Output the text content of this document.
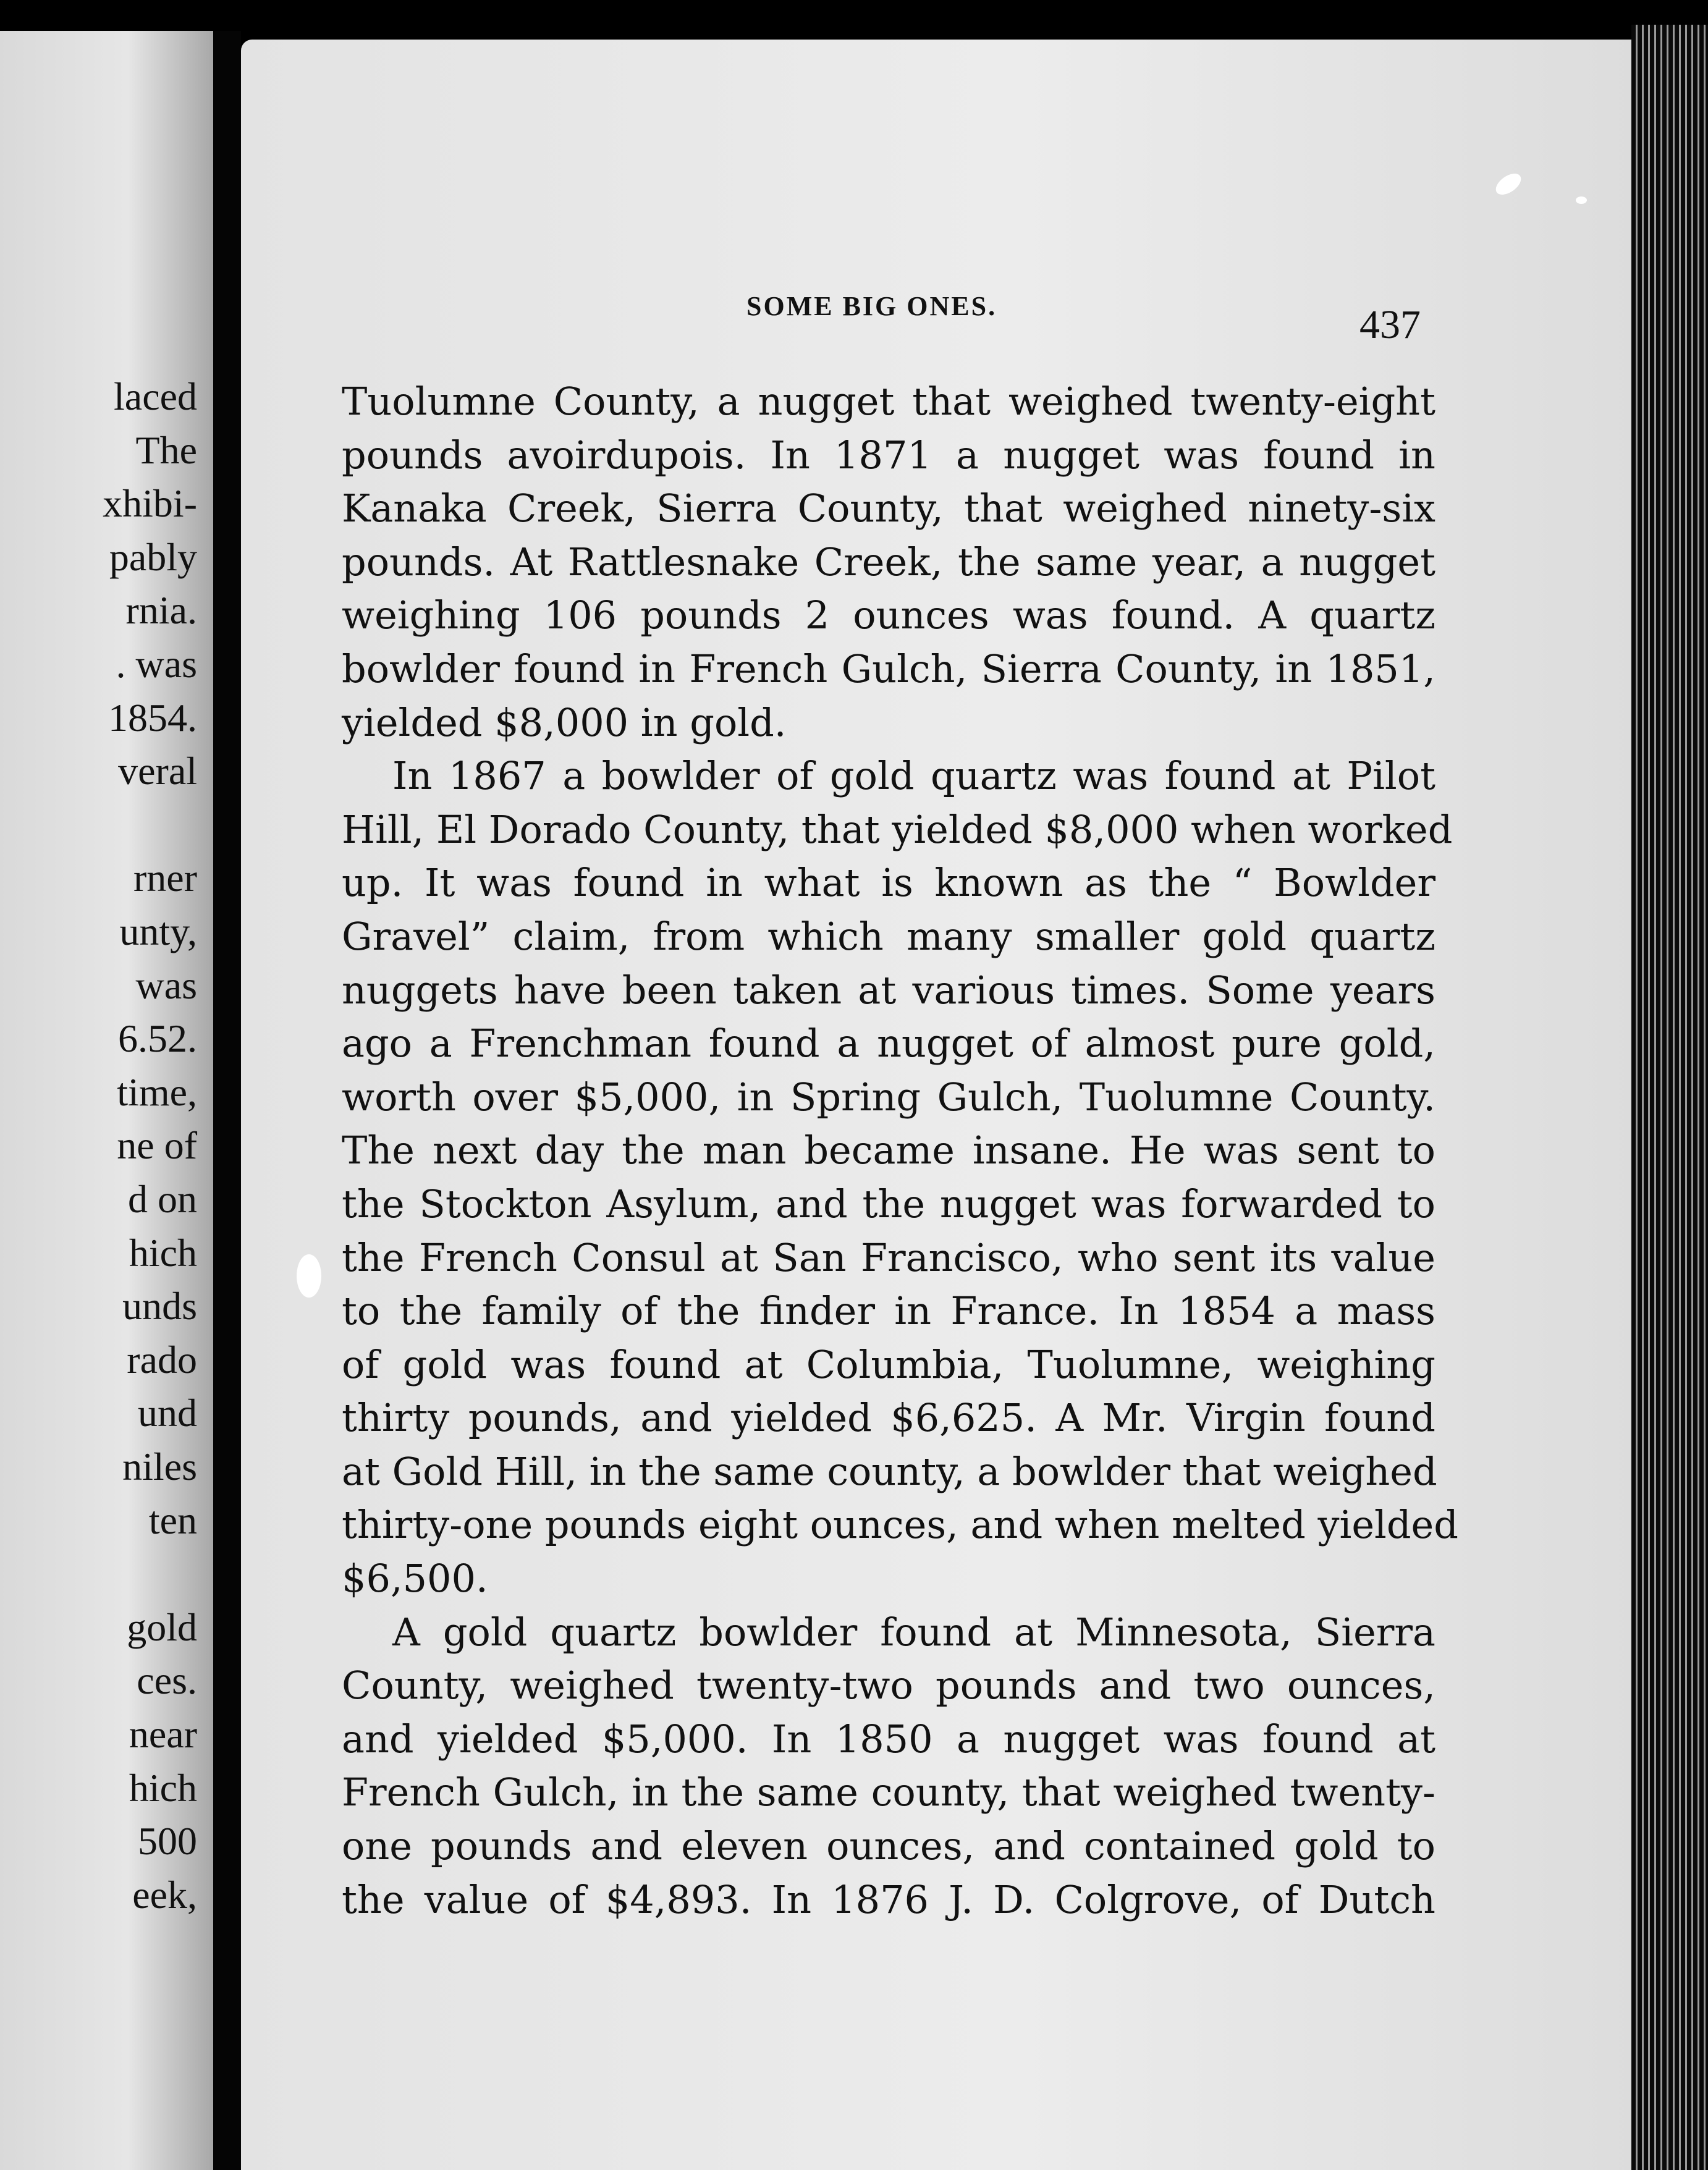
laced
The
xhibi-
pably
rnia.
. was
1854.
veral
rner
unty,
was
6.52.
time,
ne of
d on
hich
unds
rado
und
niles
ten
gold
ces.
near
hich
500
eek,
SOME BIG ONES.	437
Tuolumne County, a nugget that weighed twenty-eight
pounds avoirdupois. In 1871 a nugget was found in
Kanaka Creek, Sierra County, that weighed ninety-six
pounds. At Rattlesnake Creek, the same year, a nugget
weighing 106 pounds 2 ounces was found. A quartz
bowlder found in French Gulch, Sierra County, in 1851,
yielded $8,000 in gold.
In 1867 a bowlder of gold quartz was found at Pilot
Hill, El Dorado County, that yielded $8,000 when worked
up. It was found in what is known as the “ Bowlder
Gravel” claim, from which many smaller gold quartz
nuggets have been taken at various times. Some years
ago a Frenchman found a nugget of almost pure gold,
worth over $5,000, in Spring Gulch, Tuolumne County.
The next day the man became insane. He was sent to
the Stockton Asylum, and the nugget was forwarded to
the French Consul at San Francisco, who sent its value
to the family of the finder in France. In 1854 a mass
of gold was found at Columbia, Tuolumne, weighing
thirty pounds, and yielded $6,625. A Mr. Virgin found
at Gold Hill, in the same county, a bowlder that weighed
thirty-one pounds eight ounces, and when melted yielded
$6,500.
A gold quartz bowlder found at Minnesota, Sierra
County, weighed twenty-two pounds and two ounces,
and yielded $5,000. In 1850 a nugget was found at
French Gulch, in the same county, that weighed twenty-
one pounds and eleven ounces, and contained gold to
the value of $4,893. In 1876 J. D. Colgrove, of Dutch
